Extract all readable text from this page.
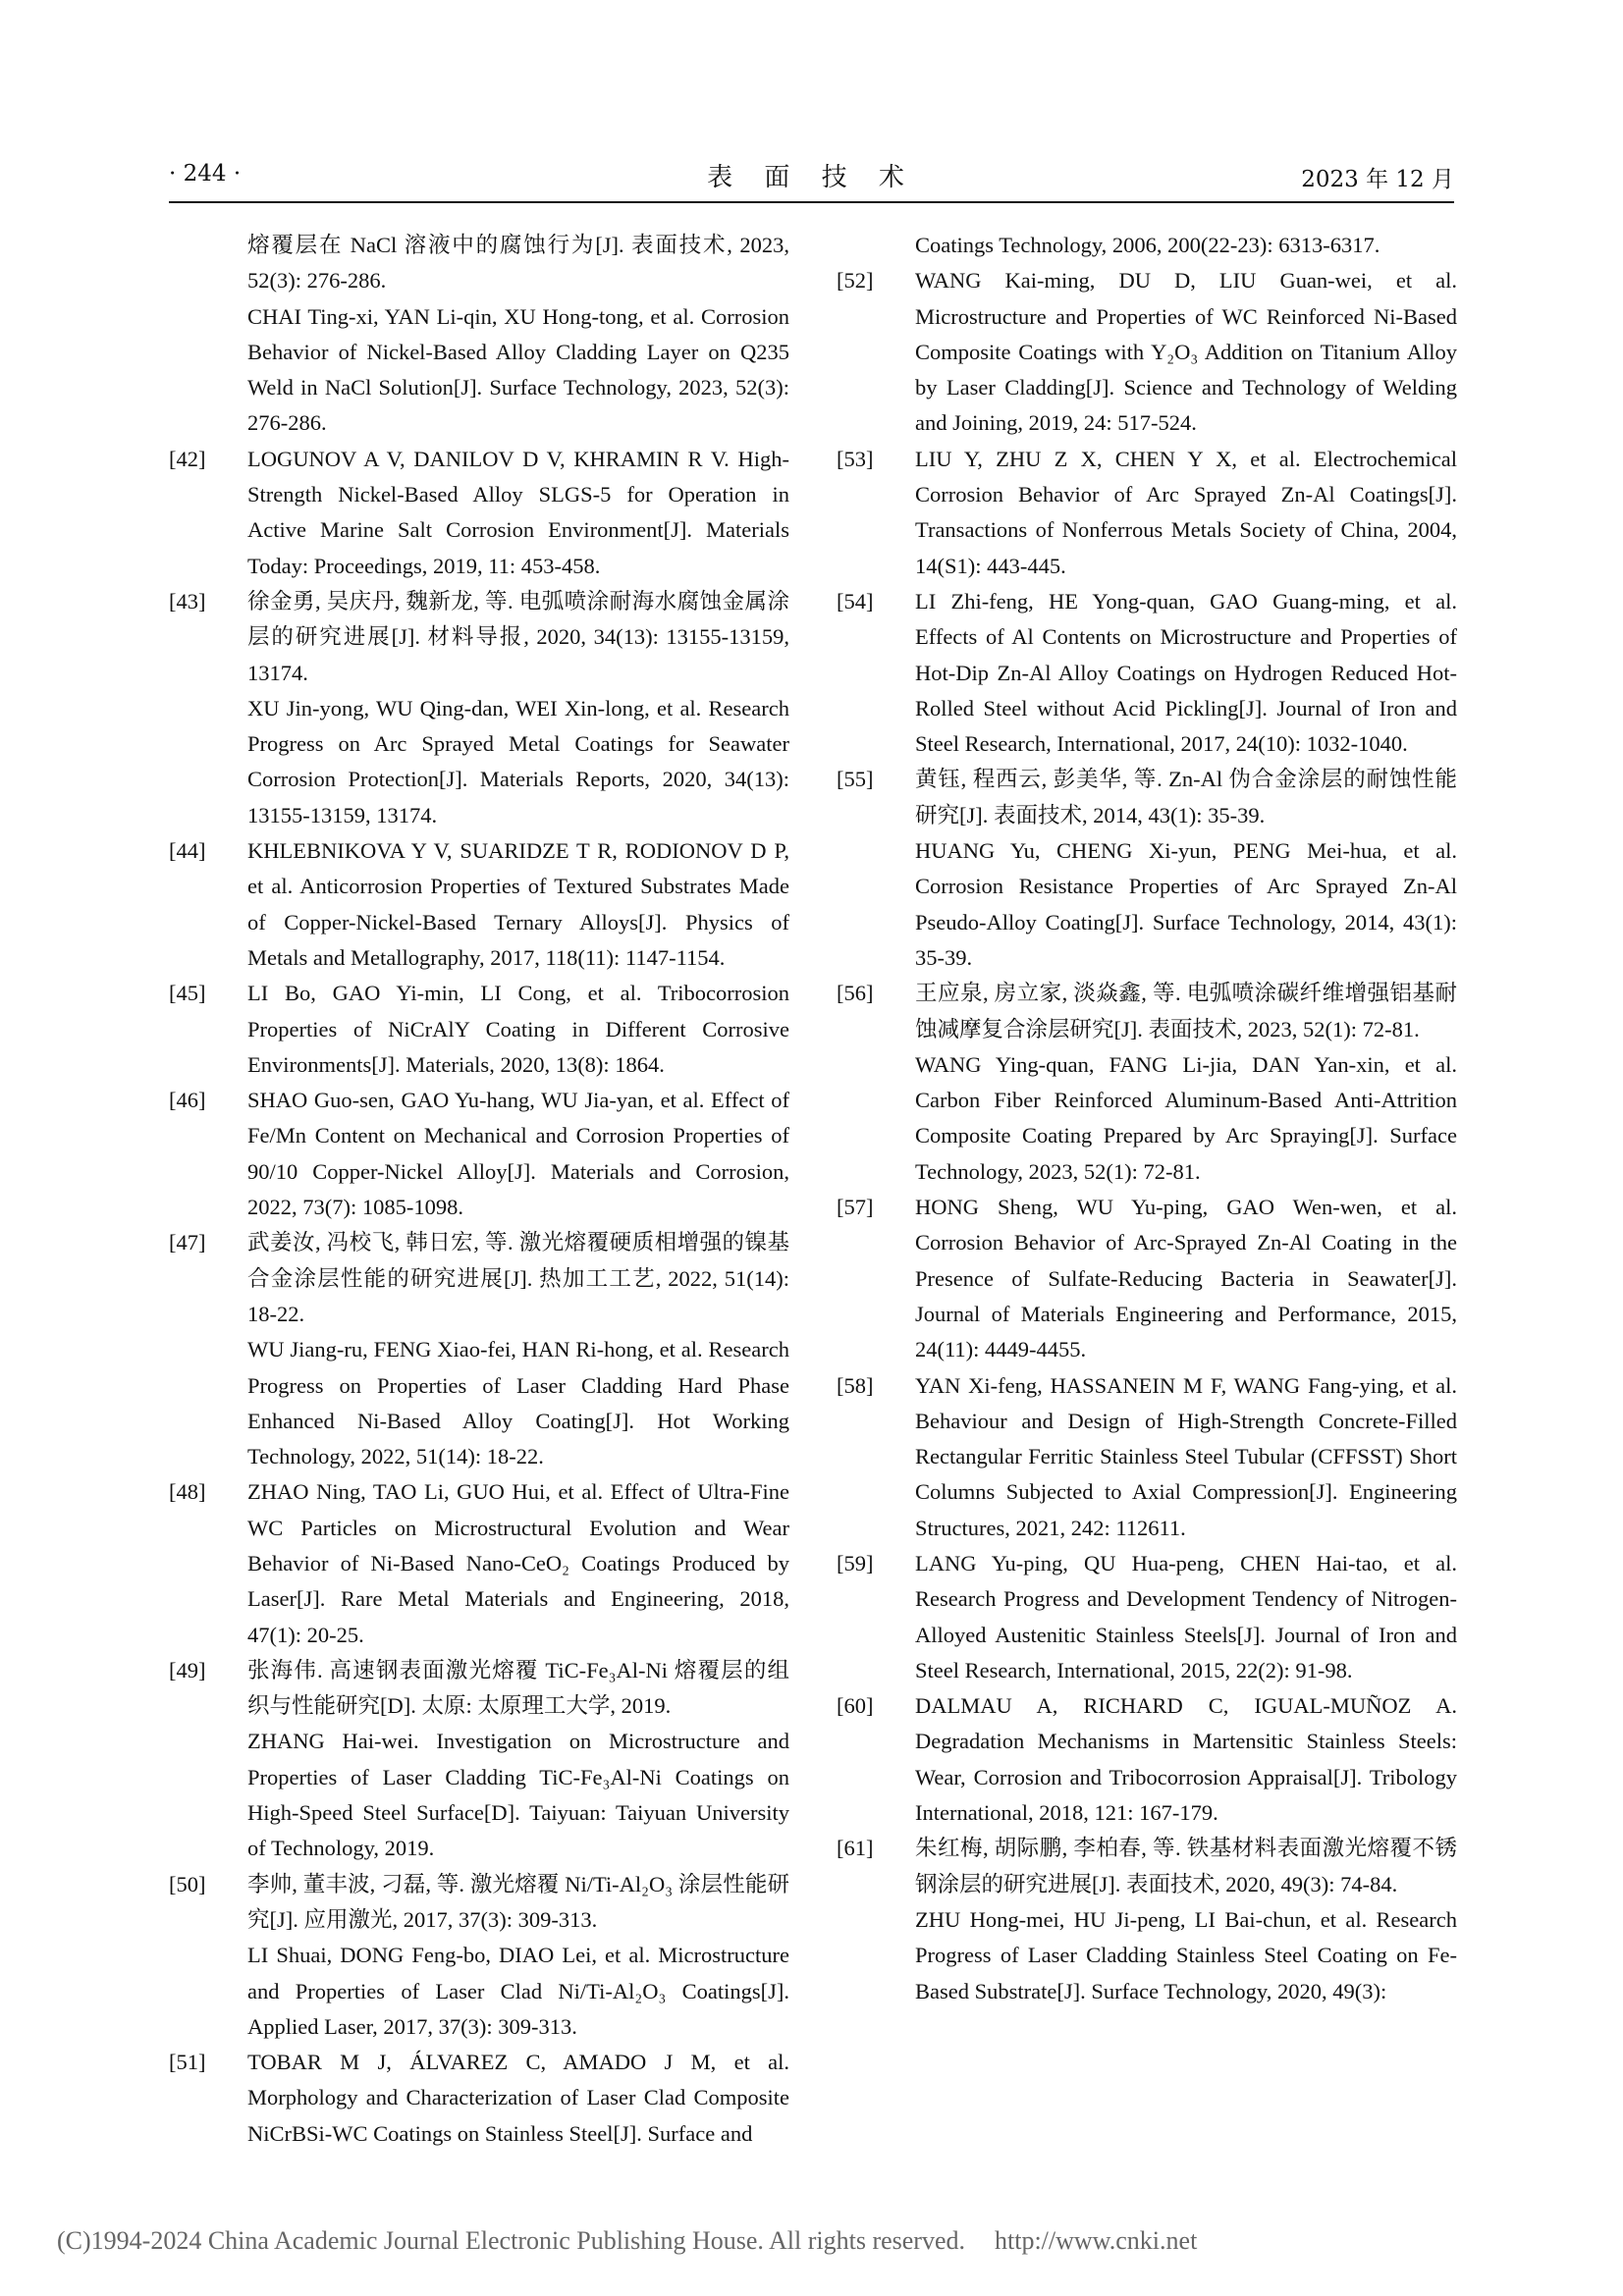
· 244 ·	表 面 技 术	2023 年 12 月

熔覆层在 NaCl 溶液中的腐蚀行为[J]. 表面技术, 2023, 52(3): 276-286.

CHAI Ting-xi, YAN Li-qin, XU Hong-tong, et al. Corrosion Behavior of Nickel-Based Alloy Cladding Layer on Q235 Weld in NaCl Solution[J]. Surface Technology, 2023, 52(3): 276-286.

[42] LOGUNOV A V, DANILOV D V, KHRAMIN R V. High-Strength Nickel-Based Alloy SLGS-5 for Operation in Active Marine Salt Corrosion Environment[J]. Materials Today: Proceedings, 2019, 11: 453-458.

[43] 徐金勇, 吴庆丹, 魏新龙, 等. 电弧喷涂耐海水腐蚀金属涂层的研究进展[J]. 材料导报, 2020, 34(13): 13155-13159, 13174.

XU Jin-yong, WU Qing-dan, WEI Xin-long, et al. Research Progress on Arc Sprayed Metal Coatings for Seawater Corrosion Protection[J]. Materials Reports, 2020, 34(13): 13155-13159, 13174.

[44] KHLEBNIKOVA Y V, SUARIDZE T R, RODIONOV D P, et al. Anticorrosion Properties of Textured Substrates Made of Copper-Nickel-Based Ternary Alloys[J]. Physics of Metals and Metallography, 2017, 118(11): 1147-1154.

[45] LI Bo, GAO Yi-min, LI Cong, et al. Tribocorrosion Properties of NiCrAlY Coating in Different Corrosive Environments[J]. Materials, 2020, 13(8): 1864.

[46] SHAO Guo-sen, GAO Yu-hang, WU Jia-yan, et al. Effect of Fe/Mn Content on Mechanical and Corrosion Properties of 90/10 Copper-Nickel Alloy[J]. Materials and Corrosion, 2022, 73(7): 1085-1098.

[47] 武姜汝, 冯校飞, 韩日宏, 等. 激光熔覆硬质相增强的镍基合金涂层性能的研究进展[J]. 热加工工艺, 2022, 51(14): 18-22.

WU Jiang-ru, FENG Xiao-fei, HAN Ri-hong, et al. Research Progress on Properties of Laser Cladding Hard Phase Enhanced Ni-Based Alloy Coating[J]. Hot Working Technology, 2022, 51(14): 18-22.

[48] ZHAO Ning, TAO Li, GUO Hui, et al. Effect of Ultra-Fine WC Particles on Microstructural Evolution and Wear Behavior of Ni-Based Nano-CeO₂ Coatings Produced by Laser[J]. Rare Metal Materials and Engineering, 2018, 47(1): 20-25.

[49] 张海伟. 高速钢表面激光熔覆 TiC-Fe₃Al-Ni 熔覆层的组织与性能研究[D]. 太原: 太原理工大学, 2019.

ZHANG Hai-wei. Investigation on Microstructure and Properties of Laser Cladding TiC-Fe₃Al-Ni Coatings on High-Speed Steel Surface[D]. Taiyuan: Taiyuan University of Technology, 2019.

[50] 李帅, 董丰波, 刁磊, 等. 激光熔覆 Ni/Ti-Al₂O₃ 涂层性能研究[J]. 应用激光, 2017, 37(3): 309-313.

LI Shuai, DONG Feng-bo, DIAO Lei, et al. Microstructure and Properties of Laser Clad Ni/Ti-Al₂O₃ Coatings[J]. Applied Laser, 2017, 37(3): 309-313.

[51] TOBAR M J, ÁLVAREZ C, AMADO J M, et al. Morphology and Characterization of Laser Clad Composite NiCrBSi-WC Coatings on Stainless Steel[J]. Surface and

Coatings Technology, 2006, 200(22-23): 6313-6317.

[52] WANG Kai-ming, DU D, LIU Guan-wei, et al. Microstructure and Properties of WC Reinforced Ni-Based Composite Coatings with Y₂O₃ Addition on Titanium Alloy by Laser Cladding[J]. Science and Technology of Welding and Joining, 2019, 24: 517-524.

[53] LIU Y, ZHU Z X, CHEN Y X, et al. Electrochemical Corrosion Behavior of Arc Sprayed Zn-Al Coatings[J]. Transactions of Nonferrous Metals Society of China, 2004, 14(S1): 443-445.

[54] LI Zhi-feng, HE Yong-quan, GAO Guang-ming, et al. Effects of Al Contents on Microstructure and Properties of Hot-Dip Zn-Al Alloy Coatings on Hydrogen Reduced Hot-Rolled Steel without Acid Pickling[J]. Journal of Iron and Steel Research, International, 2017, 24(10): 1032-1040.

[55] 黄钰, 程西云, 彭美华, 等. Zn-Al 伪合金涂层的耐蚀性能研究[J]. 表面技术, 2014, 43(1): 35-39.

HUANG Yu, CHENG Xi-yun, PENG Mei-hua, et al. Corrosion Resistance Properties of Arc Sprayed Zn-Al Pseudo-Alloy Coating[J]. Surface Technology, 2014, 43(1): 35-39.

[56] 王应泉, 房立家, 淡焱鑫, 等. 电弧喷涂碳纤维增强铝基耐蚀减摩复合涂层研究[J]. 表面技术, 2023, 52(1): 72-81.

WANG Ying-quan, FANG Li-jia, DAN Yan-xin, et al. Carbon Fiber Reinforced Aluminum-Based Anti-Attrition Composite Coating Prepared by Arc Spraying[J]. Surface Technology, 2023, 52(1): 72-81.

[57] HONG Sheng, WU Yu-ping, GAO Wen-wen, et al. Corrosion Behavior of Arc-Sprayed Zn-Al Coating in the Presence of Sulfate-Reducing Bacteria in Seawater[J]. Journal of Materials Engineering and Performance, 2015, 24(11): 4449-4455.

[58] YAN Xi-feng, HASSANEIN M F, WANG Fang-ying, et al. Behaviour and Design of High-Strength Concrete-Filled Rectangular Ferritic Stainless Steel Tubular (CFFSST) Short Columns Subjected to Axial Compression[J]. Engineering Structures, 2021, 242: 112611.

[59] LANG Yu-ping, QU Hua-peng, CHEN Hai-tao, et al. Research Progress and Development Tendency of Nitrogen-Alloyed Austenitic Stainless Steels[J]. Journal of Iron and Steel Research, International, 2015, 22(2): 91-98.

[60] DALMAU A, RICHARD C, IGUAL-MUÑOZ A. Degradation Mechanisms in Martensitic Stainless Steels: Wear, Corrosion and Tribocorrosion Appraisal[J]. Tribology International, 2018, 121: 167-179.

[61] 朱红梅, 胡际鹏, 李柏春, 等. 铁基材料表面激光熔覆不锈钢涂层的研究进展[J]. 表面技术, 2020, 49(3): 74-84.

ZHU Hong-mei, HU Ji-peng, LI Bai-chun, et al. Research Progress of Laser Cladding Stainless Steel Coating on Fe-Based Substrate[J]. Surface Technology, 2020, 49(3):

(C)1994-2024 China Academic Journal Electronic Publishing House. All rights reserved. http://www.cnki.net
